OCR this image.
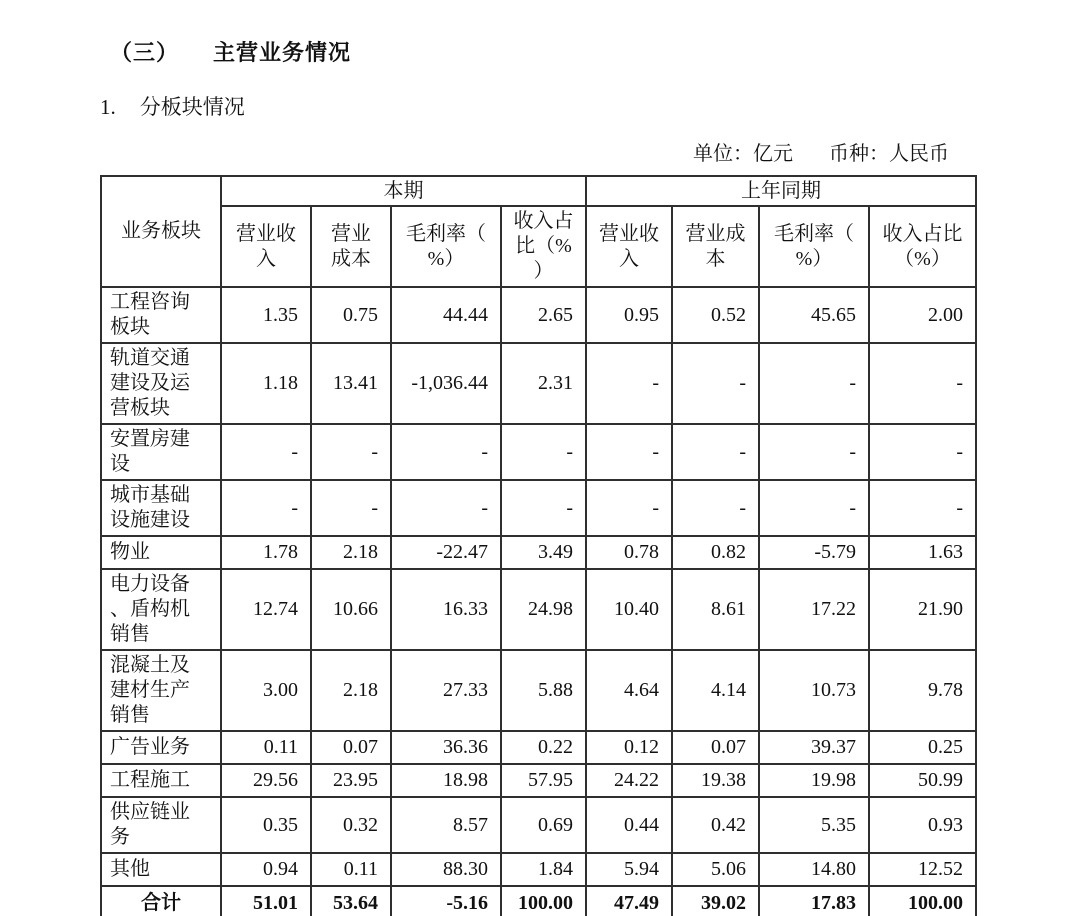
（三） 主营业务情况
1. 分板块情况
单位：亿元 币种：人民币
业务板块	本期				上年同期			
	营业收入	营业成本	毛利率（%）	收入占比（%）	营业收入	营业成本	毛利率（%）	收入占比（%）
工程咨询板块	1.35	0.75	44.44	2.65	0.95	0.52	45.65	2.00
轨道交通建设及运营板块	1.18	13.41	-1,036.44	2.31	-	-	-	-
安置房建设	-	-	-	-	-	-	-	-
城市基础设施建设	-	-	-	-	-	-	-	-
物业	1.78	2.18	-22.47	3.49	0.78	0.82	-5.79	1.63
电力设备、盾构机销售	12.74	10.66	16.33	24.98	10.40	8.61	17.22	21.90
混凝土及建材生产销售	3.00	2.18	27.33	5.88	4.64	4.14	10.73	9.78
广告业务	0.11	0.07	36.36	0.22	0.12	0.07	39.37	0.25
工程施工	29.56	23.95	18.98	57.95	24.22	19.38	19.98	50.99
供应链业务	0.35	0.32	8.57	0.69	0.44	0.42	5.35	0.93
其他	0.94	0.11	88.30	1.84	5.94	5.06	14.80	12.52
合计	51.01	53.64	-5.16	100.00	47.49	39.02	17.83	100.00
